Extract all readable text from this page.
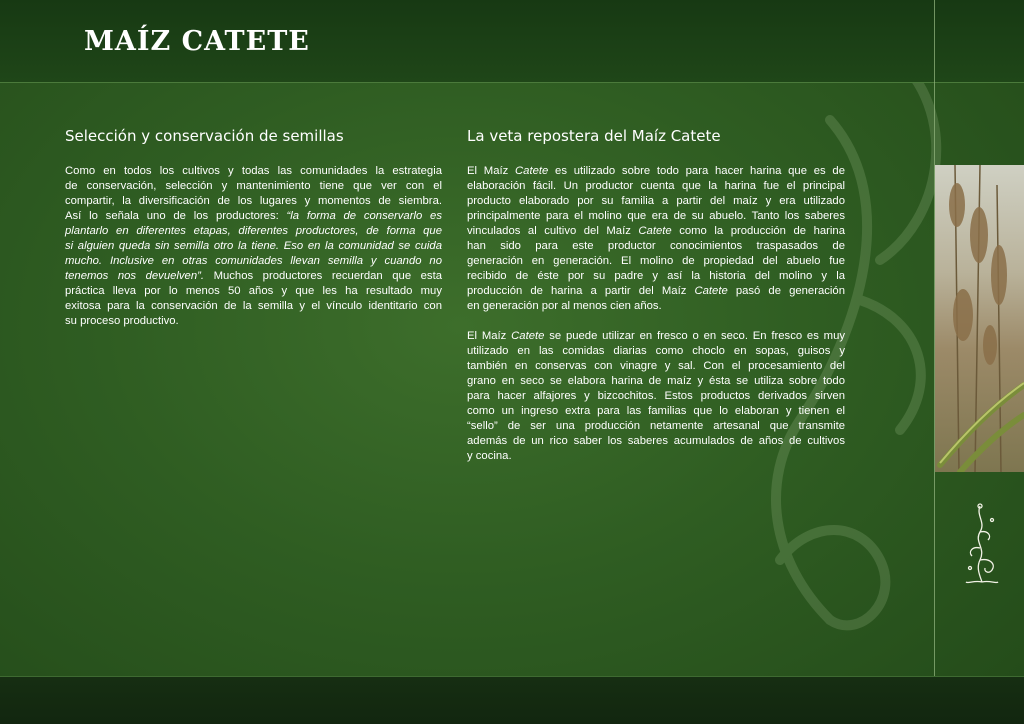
MAÍZ CATETE
Selección y conservación de semillas
Como en todos los cultivos y todas las comunidades la estrategia
de conservación, selección y mantenimiento tiene que ver con el
compartir, la diversificación de los lugares y momentos de siembra.
Así lo señala uno de los productores: “la forma de conservarlo es
plantarlo en diferentes etapas, diferentes productores, de forma que
si alguien queda sin semilla otro la tiene. Eso en la comunidad se cuida
mucho. Inclusive en otras comunidades llevan semilla y cuando no
tenemos nos devuelven”. Muchos productores recuerdan que esta
práctica lleva por lo menos 50 años y que les ha resultado muy
exitosa para la conservación de la semilla y el vínculo identitario con
su proceso productivo.
La veta repostera del Maíz Catete
El Maíz Catete es utilizado sobre todo para hacer harina que es de
elaboración fácil. Un productor cuenta que la harina fue el principal
producto elaborado por su familia a partir del maíz y era utilizado
principalmente para el molino que era de su abuelo. Tanto los saberes
vinculados al cultivo del Maíz Catete como la producción de harina
han sido para este productor conocimientos traspasados de
generación en generación. El molino de propiedad del abuelo fue
recibido de éste por su padre y así la historia del molino y la
producción de harina a partir del Maíz Catete pasó de generación
en generación por al menos cien años.
El Maíz Catete se puede utilizar en fresco o en seco. En fresco es muy
utilizado en las comidas diarias como choclo en sopas, guisos y
también en conservas con vinagre y sal. Con el procesamiento del
grano en seco se elabora harina de maíz y ésta se utiliza sobre todo
para hacer alfajores y bizcochitos. Estos productos derivados sirven
como un ingreso extra para las familias que lo elaboran y tienen el
“sello” de ser una producción netamente artesanal que transmite
además de un rico saber los saberes acumulados de años de cultivos
y cocina.
